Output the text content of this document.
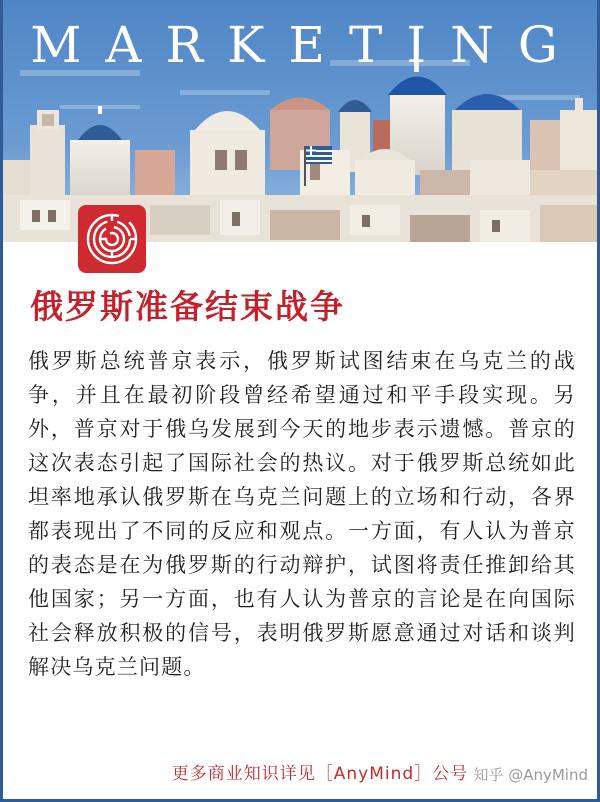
MARKETING
俄罗斯准备结束战争
俄罗斯总统普京表示，俄罗斯试图结束在乌克兰的战争，并且在最初阶段曾经希望通过和平手段实现。另外，普京对于俄乌发展到今天的地步表示遗憾。普京的这次表态引起了国际社会的热议。对于俄罗斯总统如此坦率地承认俄罗斯在乌克兰问题上的立场和行动，各界都表现出了不同的反应和观点。一方面，有人认为普京的表态是在为俄罗斯的行动辩护，试图将责任推卸给其他国家；另一方面，也有人认为普京的言论是在向国际社会释放积极的信号，表明俄罗斯愿意通过对话和谈判解决乌克兰问题。
更多商业知识详见［AnyMind］公号 知乎 @AnyMind
